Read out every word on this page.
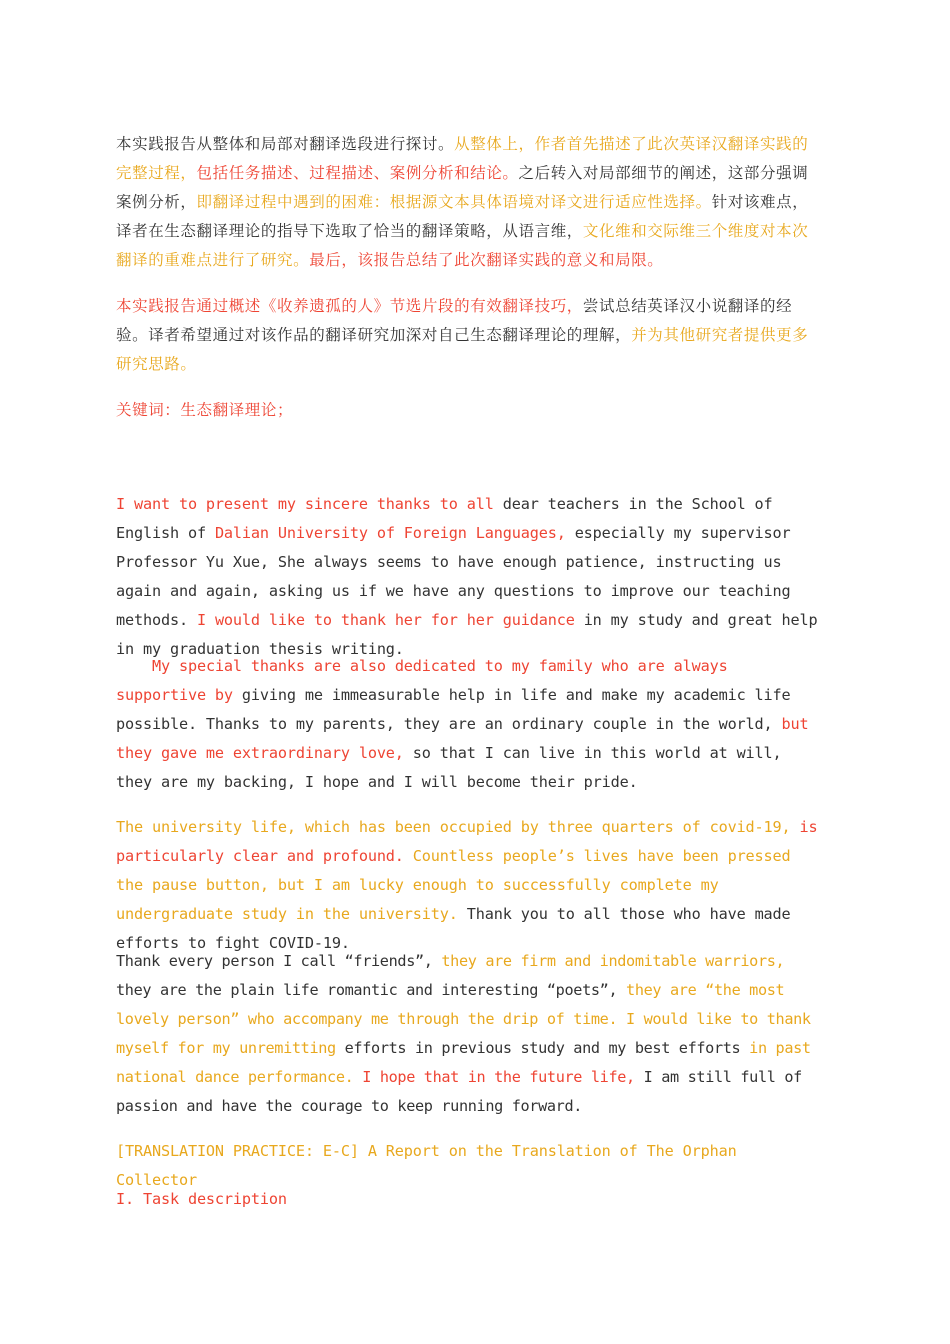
本实践报告从整体和局部对翻译选段进行探讨。从整体上，作者首先描述了此次英译汉翻译实践的完整过程，包括任务描述、过程描述、案例分析和结论。之后转入对局部细节的阐述，这部分强调案例分析，即翻译过程中遇到的困难：根据源文本具体语境对译文进行适应性选择。针对该难点，译者在生态翻译理论的指导下选取了恰当的翻译策略，从语言维，文化维和交际维三个维度对本次翻译的重难点进行了研究。最后，该报告总结了此次翻译实践的意义和局限。

本实践报告通过概述《收养遗孤的人》节选片段的有效翻译技巧，尝试总结英译汉小说翻译的经验。译者希望通过对该作品的翻译研究加深对自己生态翻译理论的理解，并为其他研究者提供更多研究思路。

关键词：生态翻译理论；

I want to present my sincere thanks to all dear teachers in the School of English of Dalian University of Foreign Languages, especially my supervisor Professor Yu Xue, She always seems to have enough patience, instructing us again and again, asking us if we have any questions to improve our teaching methods. I would like to thank her for her guidance in my study and great help in my graduation thesis writing.

My special thanks are also dedicated to my family who are always supportive by giving me immeasurable help in life and make my academic life possible. Thanks to my parents, they are an ordinary couple in the world, but they gave me extraordinary love, so that I can live in this world at will, they are my backing, I hope and I will become their pride.

The university life, which has been occupied by three quarters of covid-19, is particularly clear and profound. Countless people’s lives have been pressed the pause button, but I am lucky enough to successfully complete my undergraduate study in the university. Thank you to all those who have made efforts to fight COVID-19.

Thank every person I call “friends”, they are firm and indomitable warriors, they are the plain life romantic and interesting “poets”, they are “the most lovely person” who accompany me through the drip of time. I would like to thank myself for my unremitting efforts in previous study and my best efforts in past national dance performance. I hope that in the future life, I am still full of passion and have the courage to keep running forward.

[TRANSLATION PRACTICE: E-C] A Report on the Translation of The Orphan Collector

I. Task description
